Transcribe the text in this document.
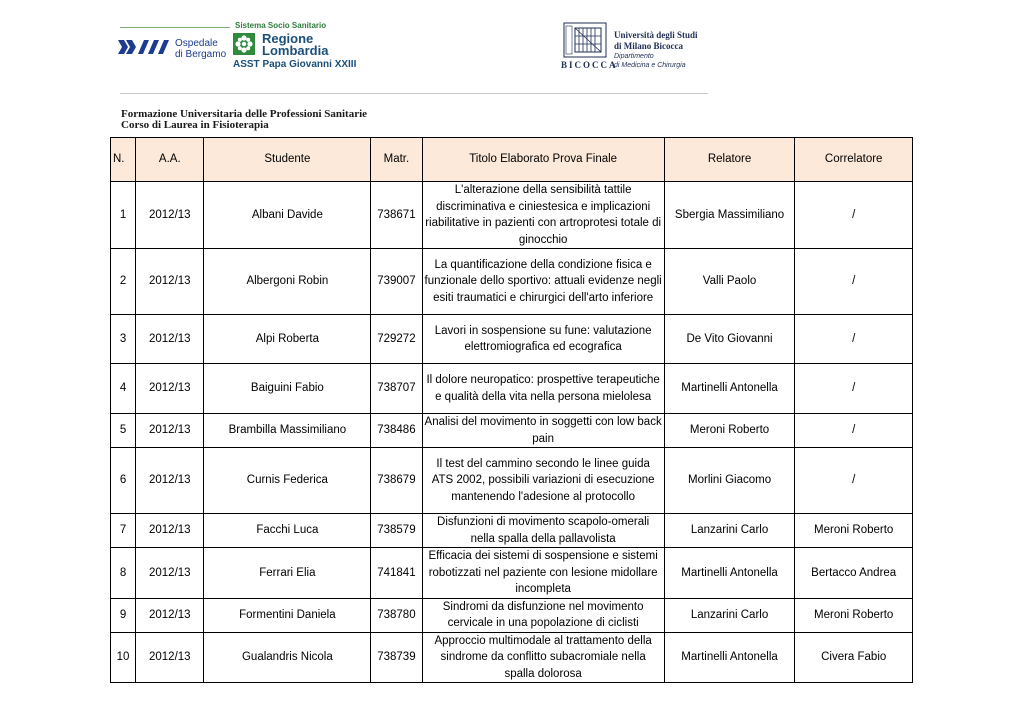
Sistema Socio Sanitario
Ospedale
di Bergamo
Regione
Lombardia
ASST Papa Giovanni XXIII	BICOCCA
Università degli Studi
di Milano Bicocca
Dipartimento
di Medicina e Chirurgia
Formazione Universitaria delle Professioni Sanitarie
Corso di Laurea in Fisioterapia
N.	A.A.	Studente	Matr.	Titolo Elaborato Prova Finale	Relatore	Correlatore
1	2012/13	Albani Davide	738671	L'alterazione della sensibilità tattile discriminativa e ciniestesica e implicazioni riabilitative in pazienti con artroprotesi totale di ginocchio	Sbergia Massimiliano	/
2	2012/13	Albergoni Robin	739007	La quantificazione della condizione fisica e funzionale dello sportivo: attuali evidenze negli esiti traumatici e chirurgici dell'arto inferiore	Valli Paolo	/
3	2012/13	Alpi Roberta	729272	Lavori in sospensione su fune: valutazione elettromiografica ed ecografica	De Vito Giovanni	/
4	2012/13	Baiguini Fabio	738707	Il dolore neuropatico: prospettive terapeutiche e qualità della vita nella persona mielolesa	Martinelli Antonella	/
5	2012/13	Brambilla Massimiliano	738486	Analisi del movimento in soggetti con low back pain	Meroni Roberto	/
6	2012/13	Curnis Federica	738679	Il test del cammino secondo le linee guida ATS 2002, possibili variazioni di esecuzione mantenendo l'adesione al protocollo	Morlini Giacomo	/
7	2012/13	Facchi Luca	738579	Disfunzioni di movimento scapolo-omerali nella spalla della pallavolista	Lanzarini Carlo	Meroni Roberto
8	2012/13	Ferrari Elia	741841	Efficacia dei sistemi di sospensione e sistemi robotizzati nel paziente con lesione midollare incompleta	Martinelli Antonella	Bertacco Andrea
9	2012/13	Formentini Daniela	738780	Sindromi da disfunzione nel movimento cervicale in una popolazione di ciclisti	Lanzarini Carlo	Meroni Roberto
10	2012/13	Gualandris Nicola	738739	Approccio multimodale al trattamento della sindrome da conflitto subacromiale nella spalla dolorosa	Martinelli Antonella	Civera Fabio
